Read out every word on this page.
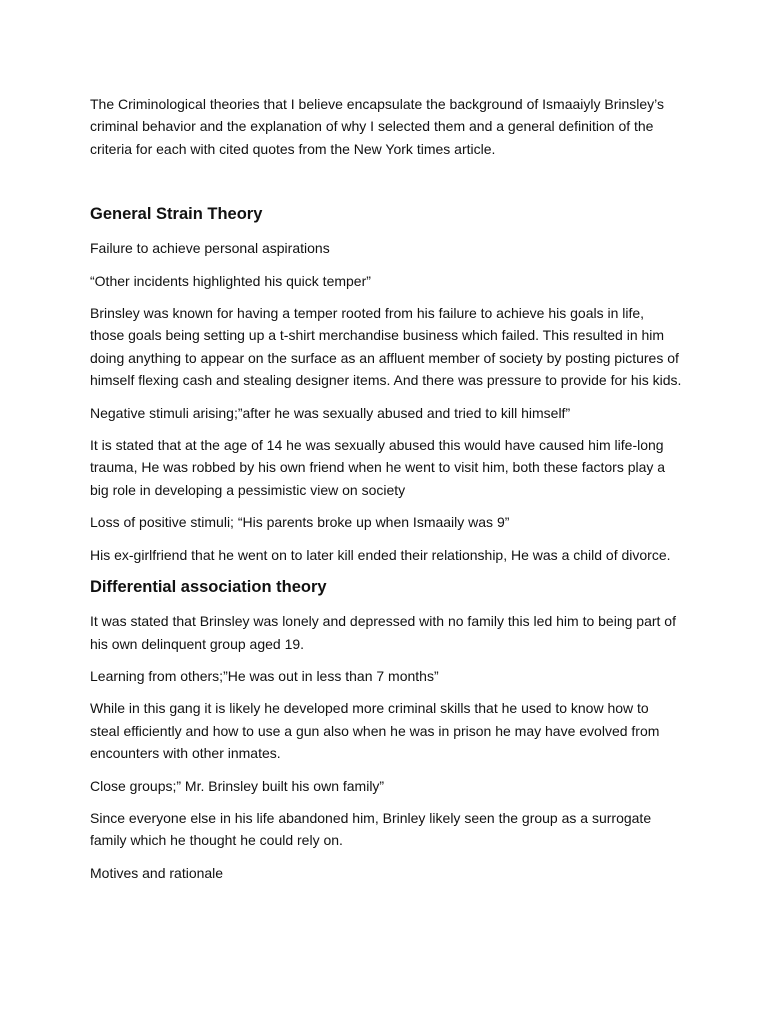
The Criminological theories that I believe encapsulate the background of Ismaaiyly Brinsley’s criminal behavior and the explanation of why I selected them and a general definition of the criteria for each with cited quotes from the New York times article.

General Strain Theory

Failure to achieve personal aspirations

“Other incidents highlighted his quick temper”

Brinsley was known for having a temper rooted from his failure to achieve his goals in life, those goals being setting up a t-shirt merchandise business which failed. This resulted in him doing anything to appear on the surface as an affluent member of society by posting pictures of himself flexing cash and stealing designer items. And there was pressure to provide for his kids.

Negative stimuli arising;”after he was sexually abused and tried to kill himself”

It is stated that at the age of 14 he was sexually abused this would have caused him life-long trauma, He was robbed by his own friend when he went to visit him, both these factors play a big role in developing a pessimistic view on society

Loss of positive stimuli; “His parents broke up when Ismaaily was 9”

His ex-girlfriend that he went on to later kill ended their relationship, He was a child of divorce.

Differential association theory

It was stated that Brinsley was lonely and depressed with no family this led him to being part of his own delinquent group aged 19.

Learning from others;”He was out in less than 7 months”

While in this gang it is likely he developed more criminal skills that he used to know how to steal efficiently and how to use a gun also when he was in prison he may have evolved from encounters with other inmates.

Close groups;” Mr. Brinsley built his own family”

Since everyone else in his life abandoned him, Brinley likely seen the group as a surrogate family which he thought he could rely on.

Motives and rationale
